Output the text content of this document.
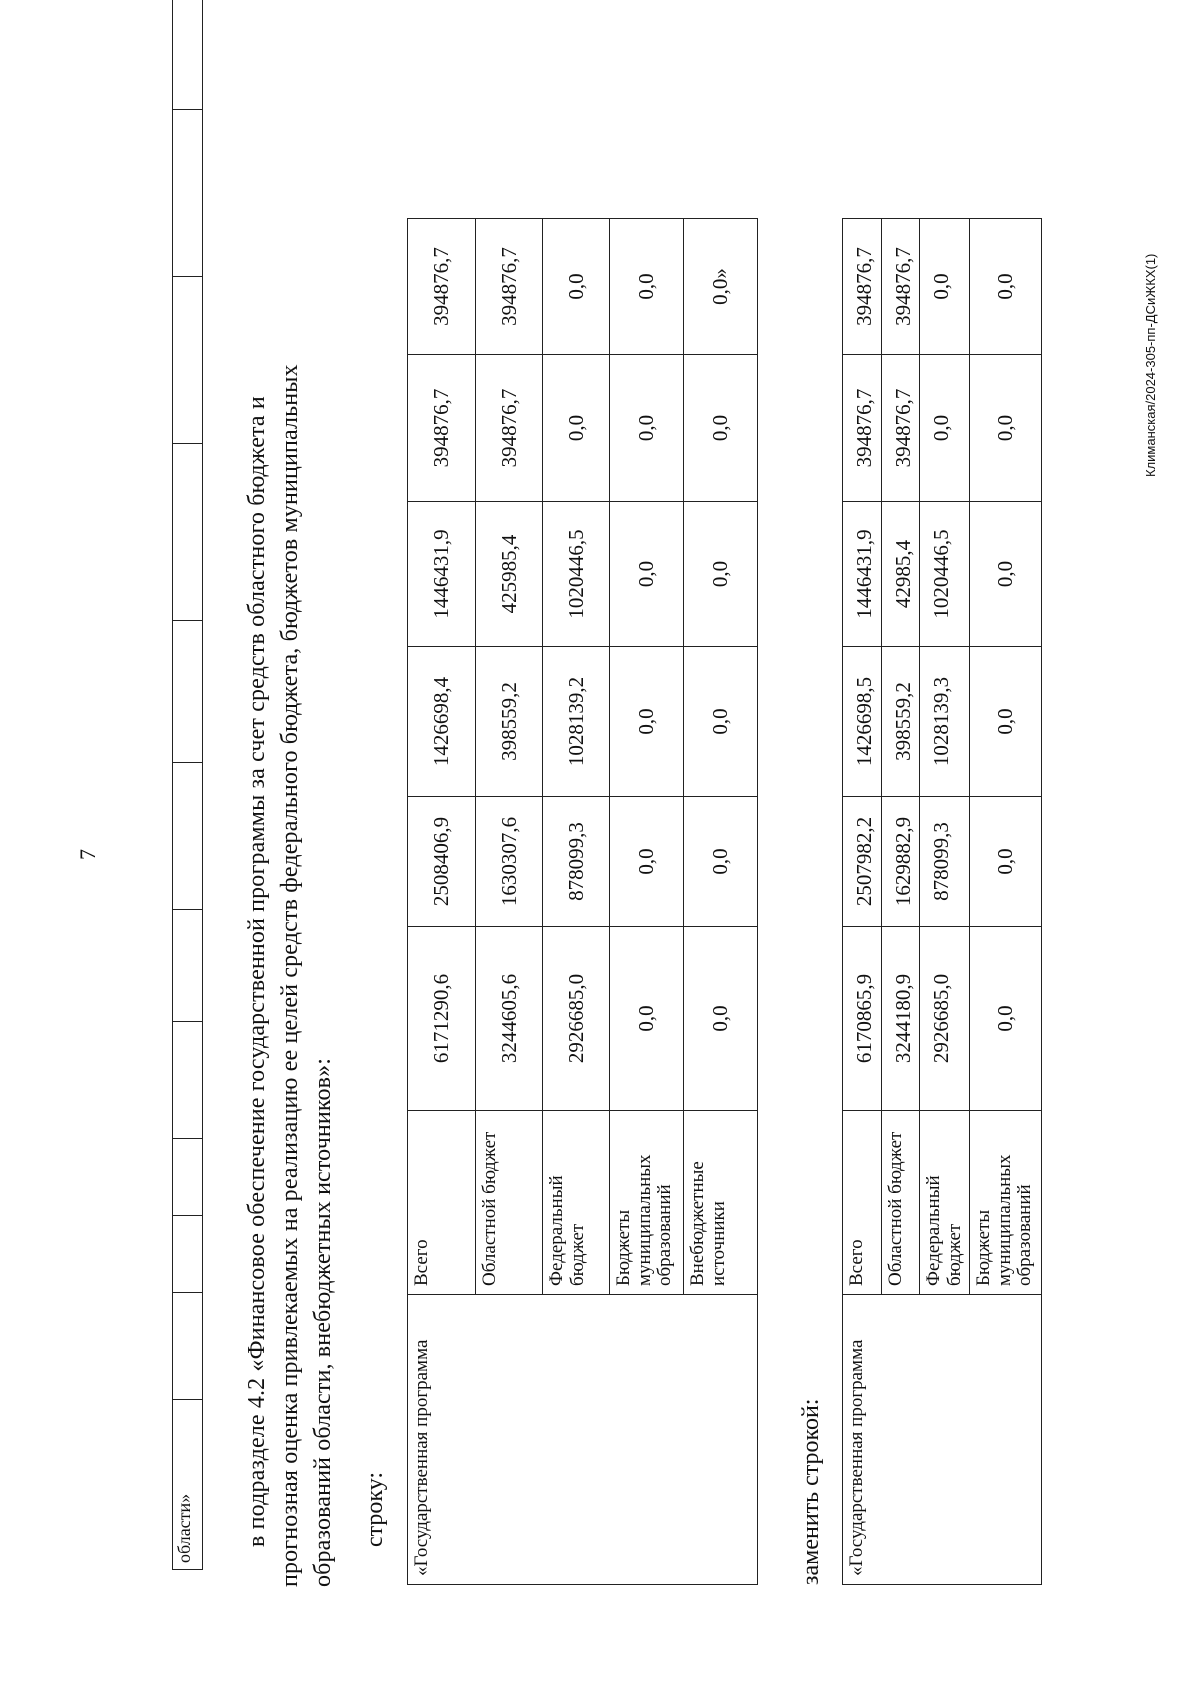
7
области»												в подразделе 4.2 «Финансовое обеспечение государственной программы за счет средств областного бюджета и прогнозная оценка привлекаемых на реализацию ее целей средств федерального бюджета, бюджетов муниципальных образований области, внебюджетных источников»: строку: «Государственная программа	Всего	6171290,6	2508406,9	1426698,4	1446431,9	394876,7	394876,7
	Областной бюджет	3244605,6	1630307,6	398559,2	425985,4	394876,7	394876,7
	Федеральный бюджет	2926685,0	878099,3	1028139,2	1020446,5	0,0	0,0
	Бюджеты муниципальных образований	0,0	0,0	0,0	0,0	0,0	0,0
	Внебюджетные источники	0,0	0,0	0,0	0,0	0,0	0,0»
заменить строкой: «Государственная программа	Всего	6170865,9	2507982,2	1426698,5	1446431,9	394876,7	394876,7
	Областной бюджет	3244180,9	1629882,9	398559,2	42985,4	394876,7	394876,7
	Федеральный бюджет	2926685,0	878099,3	1028139,3	1020446,5	0,0	0,0
	Бюджеты муниципальных образований	0,0	0,0	0,0	0,0	0,0	0,0	Климанская/2024-305-пп-ДСиЖКХ(1)
